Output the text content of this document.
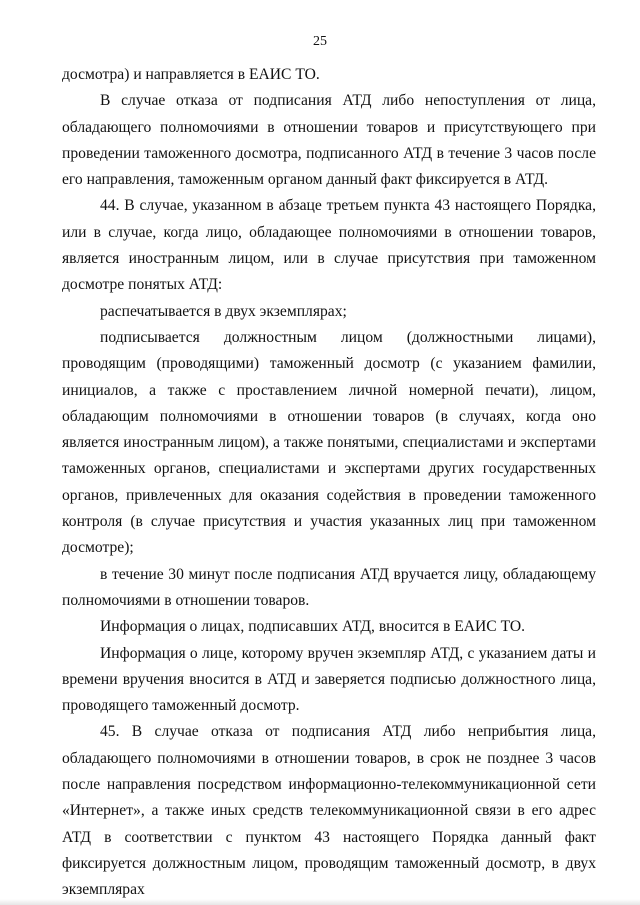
25

досмотра) и направляется в ЕАИС ТО.

В случае отказа от подписания АТД либо непоступления от лица, обладающего полномочиями в отношении товаров и присутствующего при проведении таможенного досмотра, подписанного АТД в течение 3 часов после его направления, таможенным органом данный факт фиксируется в АТД.

44. В случае, указанном в абзаце третьем пункта 43 настоящего Порядка, или в случае, когда лицо, обладающее полномочиями в отношении товаров, является иностранным лицом, или в случае присутствия при таможенном досмотре понятых АТД:

распечатывается в двух экземплярах;

подписывается должностным лицом (должностными лицами), проводящим (проводящими) таможенный досмотр (с указанием фамилии, инициалов, а также с проставлением личной номерной печати), лицом, обладающим полномочиями в отношении товаров (в случаях, когда оно является иностранным лицом), а также понятыми, специалистами и экспертами таможенных органов, специалистами и экспертами других государственных органов, привлеченных для оказания содействия в проведении таможенного контроля (в случае присутствия и участия указанных лиц при таможенном досмотре);

в течение 30 минут после подписания АТД вручается лицу, обладающему полномочиями в отношении товаров.

Информация о лицах, подписавших АТД, вносится в ЕАИС ТО.

Информация о лице, которому вручен экземпляр АТД, с указанием даты и времени вручения вносится в АТД и заверяется подписью должностного лица, проводящего таможенный досмотр.

45. В случае отказа от подписания АТД либо неприбытия лица, обладающего полномочиями в отношении товаров, в срок не позднее 3 часов после направления посредством информационно-телекоммуникационной сети «Интернет», а также иных средств телекоммуникационной связи в его адрес АТД в соответствии с пунктом 43 настоящего Порядка данный факт фиксируется должностным лицом, проводящим таможенный досмотр, в двух экземплярах
